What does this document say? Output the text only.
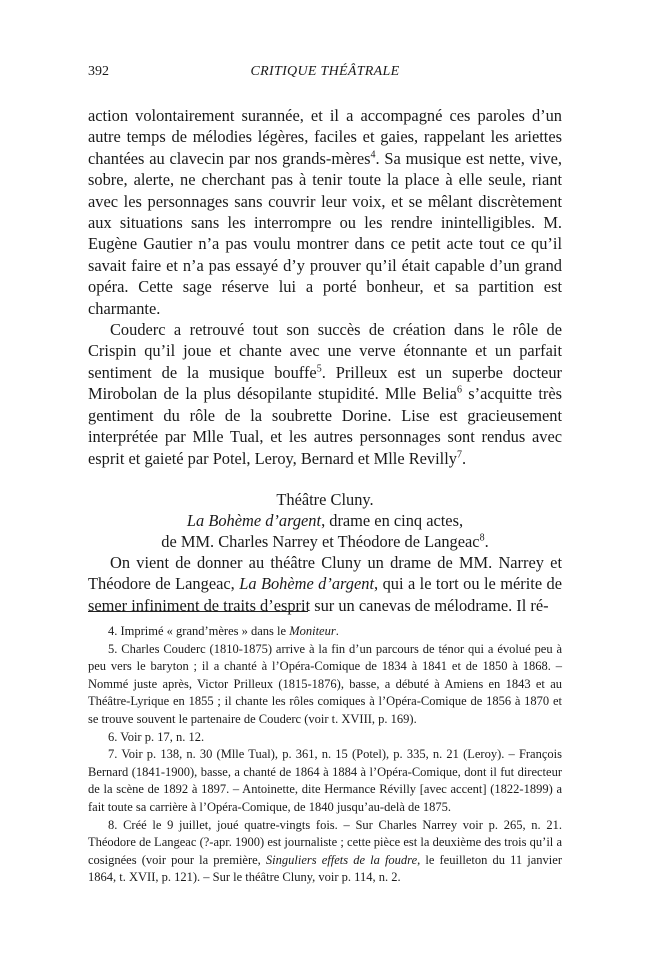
392	CRITIQUE THÉÂTRALE

action volontairement surannée, et il a accompagné ces paroles d’un autre temps de mélodies légères, faciles et gaies, rappelant les ariettes chantées au clavecin par nos grands-mères$^4$. Sa musique est nette, vive, sobre, alerte, ne cherchant pas à tenir toute la place à elle seule, riant avec les personnages sans couvrir leur voix, et se mêlant discrètement aux situations sans les interrompre ou les rendre inintelligibles. M. Eugène Gautier n’a pas voulu montrer dans ce petit acte tout ce qu’il savait faire et n’a pas essayé d’y prouver qu’il était capable d’un grand opéra. Cette sage réserve lui a porté bonheur, et sa partition est charmante.

Couderc a retrouvé tout son succès de création dans le rôle de Crispin qu’il joue et chante avec une verve étonnante et un parfait sentiment de la musique bouffe$^5$. Prilleux est un superbe docteur Mirobolan de la plus désopilante stupidité. Mlle Belia$^6$ s’acquitte très gentiment du rôle de la soubrette Dorine. Lise est gracieusement interprétée par Mlle Tual, et les autres personnages sont rendus avec esprit et gaieté par Potel, Leroy, Bernard et Mlle Revilly$^7$.

Théâtre Cluny.
La Bohème d’argent, drame en cinq actes,
de MM. Charles Narrey et Théodore de Langeac$^8$.

On vient de donner au théâtre Cluny un drame de MM. Narrey et Théodore de Langeac, La Bohème d’argent, qui a le tort ou le mérite de semer infiniment de traits d’esprit sur un canevas de mélodrame. Il ré-

4. Imprimé « grand’mères » dans le Moniteur.

5. Charles Couderc (1810-1875) arrive à la fin d’un parcours de ténor qui a évolué peu à peu vers le baryton ; il a chanté à l’Opéra-Comique de 1834 à 1841 et de 1850 à 1868. – Nommé juste après, Victor Prilleux (1815-1876), basse, a débuté à Amiens en 1843 et au Théâtre-Lyrique en 1855 ; il chante les rôles comiques à l’Opéra-Comique de 1856 à 1870 et se trouve souvent le partenaire de Couderc (voir t. XVIII, p. 169).

6. Voir p. 17, n. 12.

7. Voir p. 138, n. 30 (Mlle Tual), p. 361, n. 15 (Potel), p. 335, n. 21 (Leroy). – François Bernard (1841-1900), basse, a chanté de 1864 à 1884 à l’Opéra-Comique, dont il fut directeur de la scène de 1892 à 1897. – Antoinette, dite Hermance Révilly [avec accent] (1822-1899) a fait toute sa carrière à l’Opéra-Comique, de 1840 jusqu’au-delà de 1875.

8. Créé le 9 juillet, joué quatre-vingts fois. – Sur Charles Narrey voir p. 265, n. 21. Théodore de Langeac (?-apr. 1900) est journaliste ; cette pièce est la deuxième des trois qu’il a cosignées (voir pour la première, Singuliers effets de la foudre, le feuilleton du 11 janvier 1864, t. XVII, p. 121). – Sur le théâtre Cluny, voir p. 114, n. 2.
